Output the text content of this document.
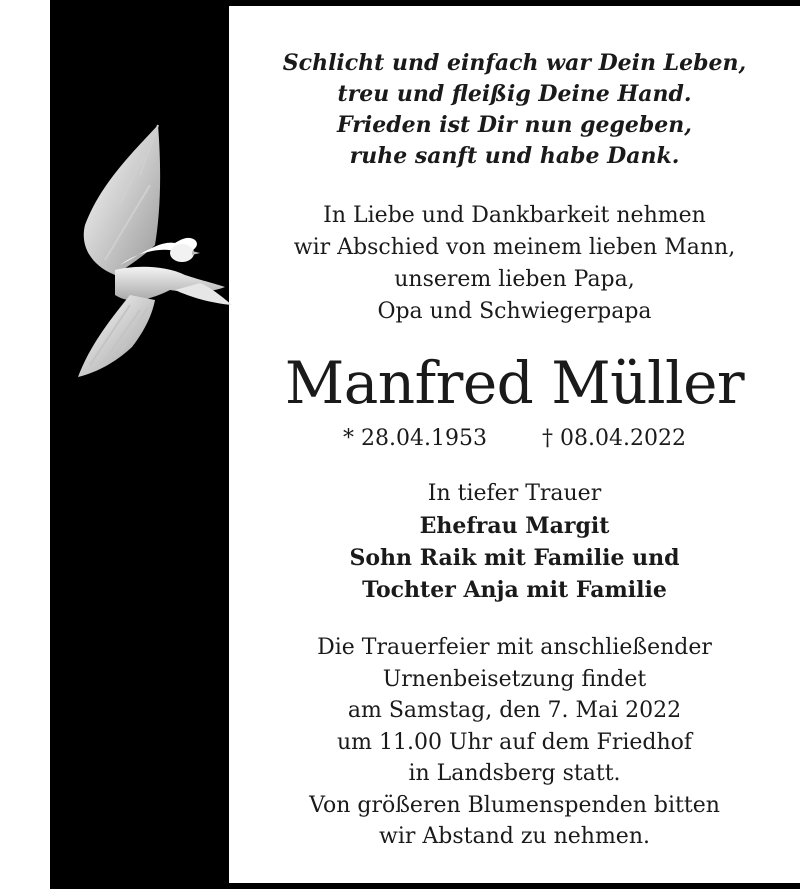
Schlicht und einfach war Dein Leben,
treu und fleißig Deine Hand.
Frieden ist Dir nun gegeben,
ruhe sanft und habe Dank.
In Liebe und Dankbarkeit nehmen
wir Abschied von meinem lieben Mann,
unserem lieben Papa,
Opa und Schwiegerpapa
Manfred Müller
* 28.04.1953	† 08.04.2022
In tiefer Trauer
Ehefrau Margit
Sohn Raik mit Familie und
Tochter Anja mit Familie
Die Trauerfeier mit anschließender
Urnenbeisetzung findet
am Samstag, den 7. Mai 2022
um 11.00 Uhr auf dem Friedhof
in Landsberg statt.
Von größeren Blumenspenden bitten
wir Abstand zu nehmen.
